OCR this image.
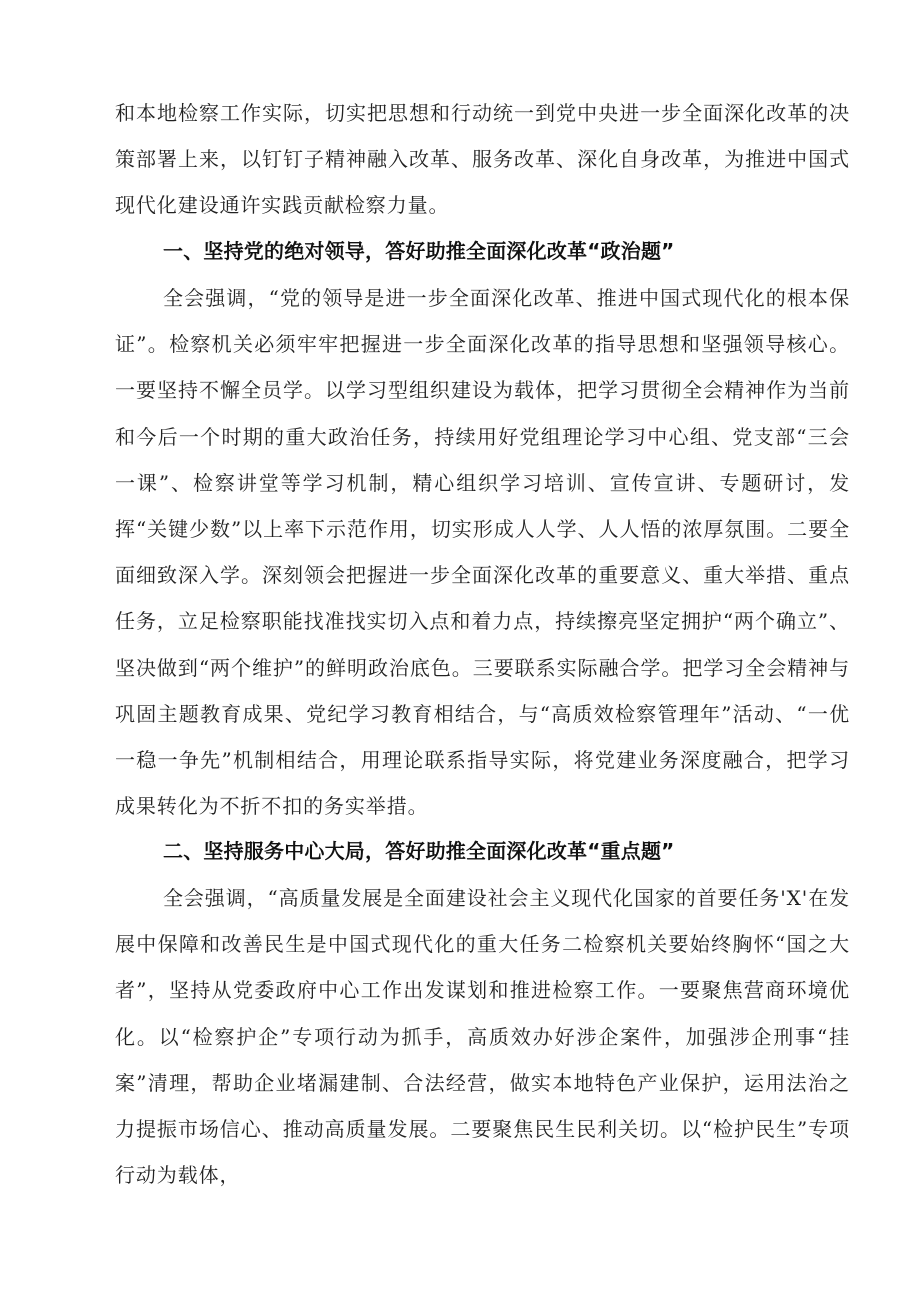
和本地检察工作实际，切实把思想和行动统一到党中央进一步全面深化改革的决策部署上来，以钉钉子精神融入改革、服务改革、深化自身改革，为推进中国式现代化建设通许实践贡献检察力量。

一、坚持党的绝对领导，答好助推全面深化改革“政治题”

全会强调，“党的领导是进一步全面深化改革、推进中国式现代化的根本保证”。检察机关必须牢牢把握进一步全面深化改革的指导思想和坚强领导核心。一要坚持不懈全员学。以学习型组织建设为载体，把学习贯彻全会精神作为当前和今后一个时期的重大政治任务，持续用好党组理论学习中心组、党支部“三会一课”、检察讲堂等学习机制，精心组织学习培训、宣传宣讲、专题研讨，发挥“关键少数”以上率下示范作用，切实形成人人学、人人悟的浓厚氛围。二要全面细致深入学。深刻领会把握进一步全面深化改革的重要意义、重大举措、重点任务，立足检察职能找准找实切入点和着力点，持续擦亮坚定拥护“两个确立”、坚决做到“两个维护”的鲜明政治底色。三要联系实际融合学。把学习全会精神与巩固主题教育成果、党纪学习教育相结合，与“高质效检察管理年”活动、“一优一稳一争先”机制相结合，用理论联系指导实际，将党建业务深度融合，把学习成果转化为不折不扣的务实举措。

二、坚持服务中心大局，答好助推全面深化改革“重点题”

全会强调，“高质量发展是全面建设社会主义现代化国家的首要任务'X'在发展中保障和改善民生是中国式现代化的重大任务二检察机关要始终胸怀“国之大者”，坚持从党委政府中心工作出发谋划和推进检察工作。一要聚焦营商环境优化。以“检察护企”专项行动为抓手，高质效办好涉企案件，加强涉企刑事“挂案”清理，帮助企业堵漏建制、合法经营，做实本地特色产业保护，运用法治之力提振市场信心、推动高质量发展。二要聚焦民生民利关切。以“检护民生”专项行动为载体，
